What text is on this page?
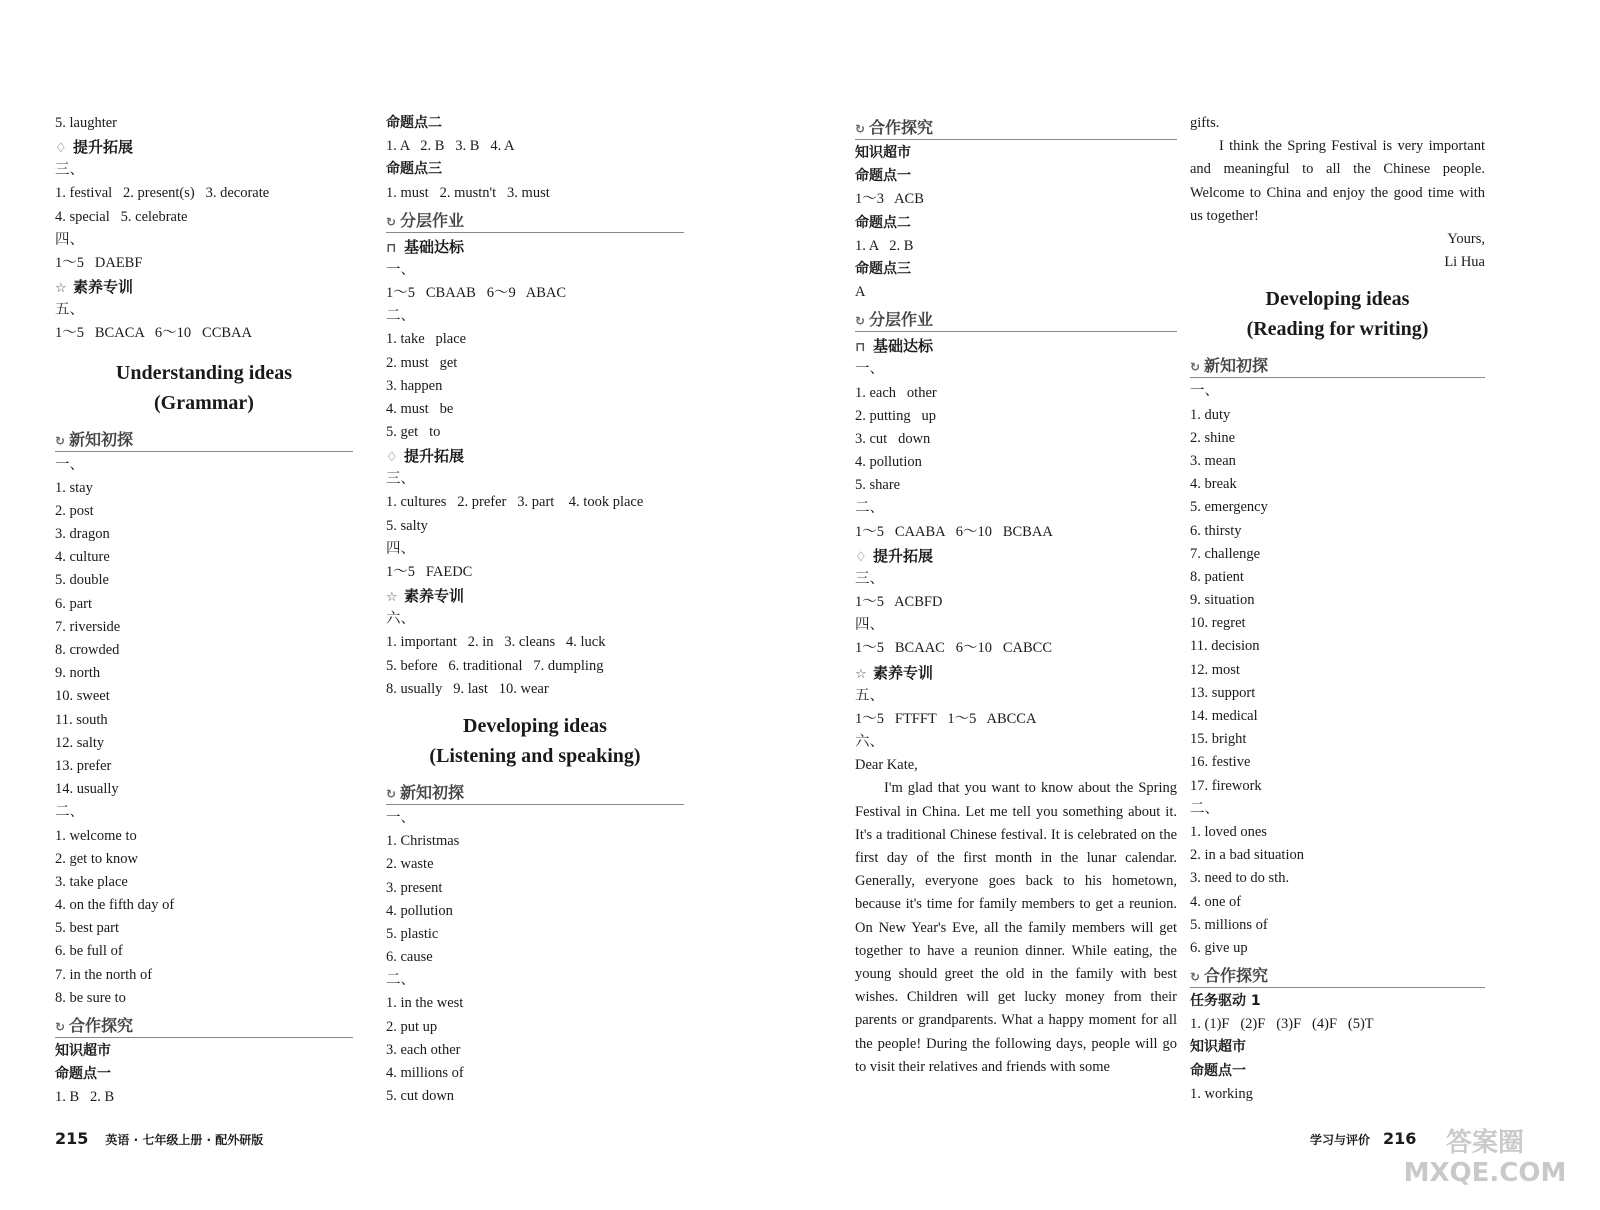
5. laughter
♢ 提升拓展
三、
1. festival   2. present(s)   3. decorate
4. special   5. celebrate
四、
1～5   DAEBF
☆ 素养专训
五、
1～5   BCACA   6～10   CCBAA
Understanding ideas
(Grammar)
↻ 新知初探
一、
1. stay
2. post
3. dragon
4. culture
5. double
6. part
7. riverside
8. crowded
9. north
10. sweet
11. south
12. salty
13. prefer
14. usually
二、
1. welcome to
2. get to know
3. take place
4. on the fifth day of
5. best part
6. be full of
7. in the north of
8. be sure to
↻ 合作探究
知识超市
命题点一
1. B   2. B
命题点二
1. A   2. B   3. B   4. A
命题点三
1. must   2. mustn't   3. must
↻ 分层作业
⊓ 基础达标
一、
1～5   CBAAB   6～9   ABAC
二、
1. take   place
2. must   get
3. happen
4. must   be
5. get   to
♢ 提升拓展
三、
1. cultures   2. prefer   3. part    4. took place
5. salty
四、
1～5   FAEDC
☆ 素养专训
六、
1. important   2. in   3. cleans   4. luck
5. before   6. traditional   7. dumpling
8. usually   9. last   10. wear
Developing ideas
(Listening and speaking)
↻ 新知初探
一、
1. Christmas
2. waste
3. present
4. pollution
5. plastic
6. cause
二、
1. in the west
2. put up
3. each other
4. millions of
5. cut down
↻ 合作探究
知识超市
命题点一
1～3   ACB
命题点二
1. A   2. B
命题点三
A
↻ 分层作业
⊓ 基础达标
一、
1. each   other
2. putting   up
3. cut   down
4. pollution
5. share
二、
1～5   CAABA   6～10   BCBAA
♢ 提升拓展
三、
1～5   ACBFD
四、
1～5   BCAAC   6～10   CABCC
☆ 素养专训
五、
1～5   FTFFT   1～5   ABCCA
六、
Dear Kate,
I'm glad that you want to know about the Spring Festival in China. Let me tell you something about it. It's a traditional Chinese festival. It is celebrated on the first day of the first month in the lunar calendar. Generally, everyone goes back to his hometown, because it's time for family members to get a reunion. On New Year's Eve, all the family members will get together to have a reunion dinner. While eating, the young should greet the old in the family with best wishes. Children will get lucky money from their parents or grandparents. What a happy moment for all the people! During the following days, people will go to visit their relatives and friends with some
gifts.
I think the Spring Festival is very important and meaningful to all the Chinese people. Welcome to China and enjoy the good time with us together!
Yours,
Li Hua
Developing ideas
(Reading for writing)
↻ 新知初探
一、
1. duty
2. shine
3. mean
4. break
5. emergency
6. thirsty
7. challenge
8. patient
9. situation
10. regret
11. decision
12. most
13. support
14. medical
15. bright
16. festive
17. firework
二、
1. loved ones
2. in a bad situation
3. need to do sth.
4. one of
5. millions of
6. give up
↻ 合作探究
任务驱动 1
1. (1)F   (2)F   (3)F   (4)F   (5)T
知识超市
命题点一
1. working
215 英语 · 七年级上册 · 配外研版	学习与评价 216	答案圈 MXQE.COM
